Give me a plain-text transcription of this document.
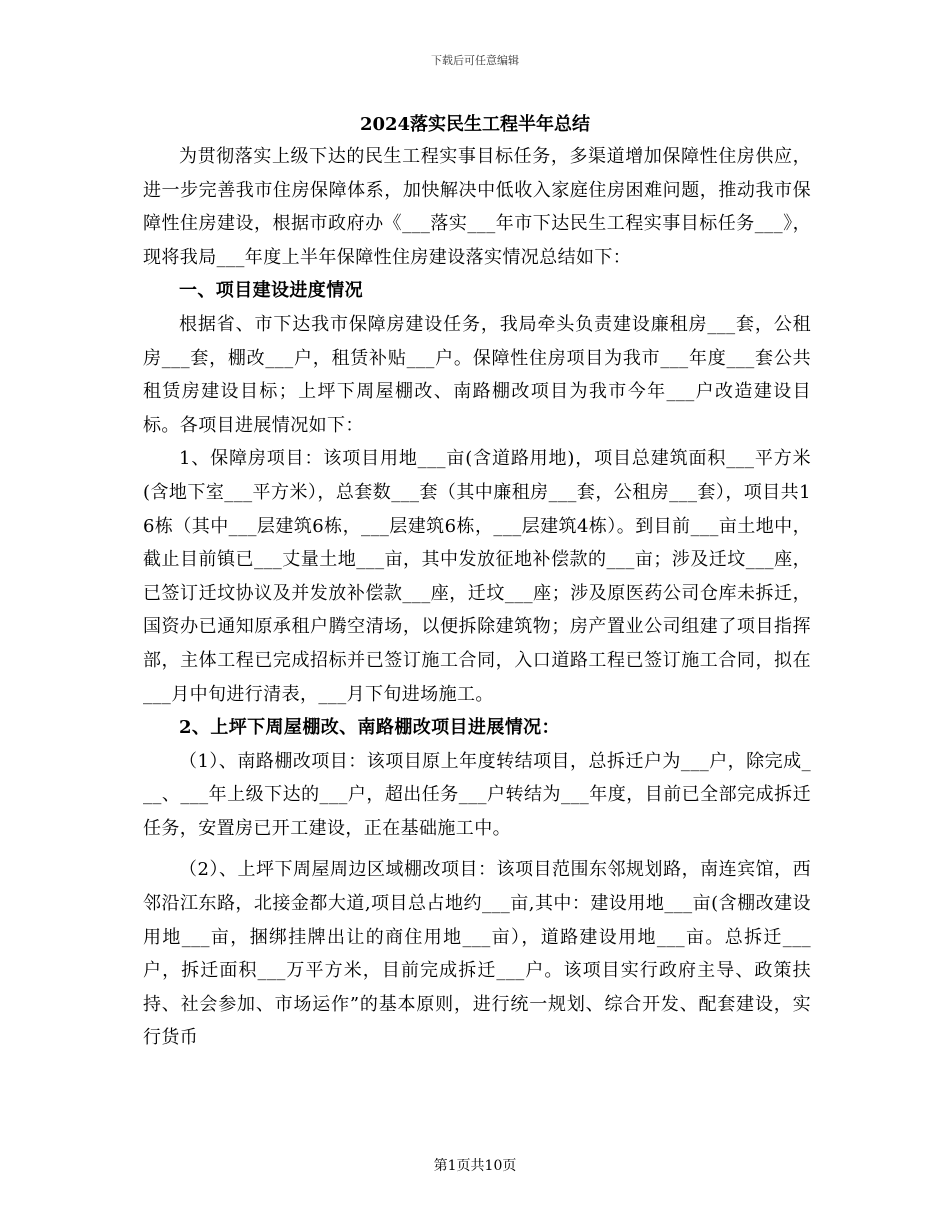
下载后可任意编辑
2024落实民生工程半年总结

为贯彻落实上级下达的民生工程实事目标任务，多渠道增加保障性住房供应，进一步完善我市住房保障体系，加快解决中低收入家庭住房困难问题，推动我市保障性住房建设，根据市政府办《___落实___年市下达民生工程实事目标任务___》，现将我局___年度上半年保障性住房建设落实情况总结如下：

一、项目建设进度情况

根据省、市下达我市保障房建设任务，我局牵头负责建设廉租房___套，公租房___套，棚改___户，租赁补贴___户。保障性住房项目为我市___年度___套公共租赁房建设目标；上坪下周屋棚改、南路棚改项目为我市今年___户改造建设目标。各项目进展情况如下：

1、保障房项目：该项目用地___亩(含道路用地)，项目总建筑面积___平方米(含地下室___平方米），总套数___套（其中廉租房___套，公租房___套），项目共16栋（其中___层建筑6栋，___层建筑6栋，___层建筑4栋）。到目前___亩土地中，截止目前镇已___丈量土地___亩，其中发放征地补偿款的___亩；涉及迁坟___座，已签订迁坟协议及并发放补偿款___座，迁坟___座；涉及原医药公司仓库未拆迁，国资办已通知原承租户腾空清场，以便拆除建筑物；房产置业公司组建了项目指挥部，主体工程已完成招标并已签订施工合同，入口道路工程已签订施工合同，拟在___月中旬进行清表，___月下旬进场施工。

2、上坪下周屋棚改、南路棚改项目进展情况：

（1）、南路棚改项目：该项目原上年度转结项目，总拆迁户为___户，除完成___、___年上级下达的___户，超出任务___户转结为___年度，目前已全部完成拆迁任务，安置房已开工建设，正在基础施工中。

（2）、上坪下周屋周边区域棚改项目：该项目范围东邻规划路，南连宾馆，西邻沿江东路，北接金都大道,项目总占地约___亩,其中：建设用地___亩(含棚改建设用地___亩，捆绑挂牌出让的商住用地___亩），道路建设用地___亩。总拆迁___户，拆迁面积___万平方米，目前完成拆迁___户。该项目实行政府主导、政策扶持、社会参加、市场运作”的基本原则，进行统一规划、综合开发、配套建设，实行货币

第1页共10页
